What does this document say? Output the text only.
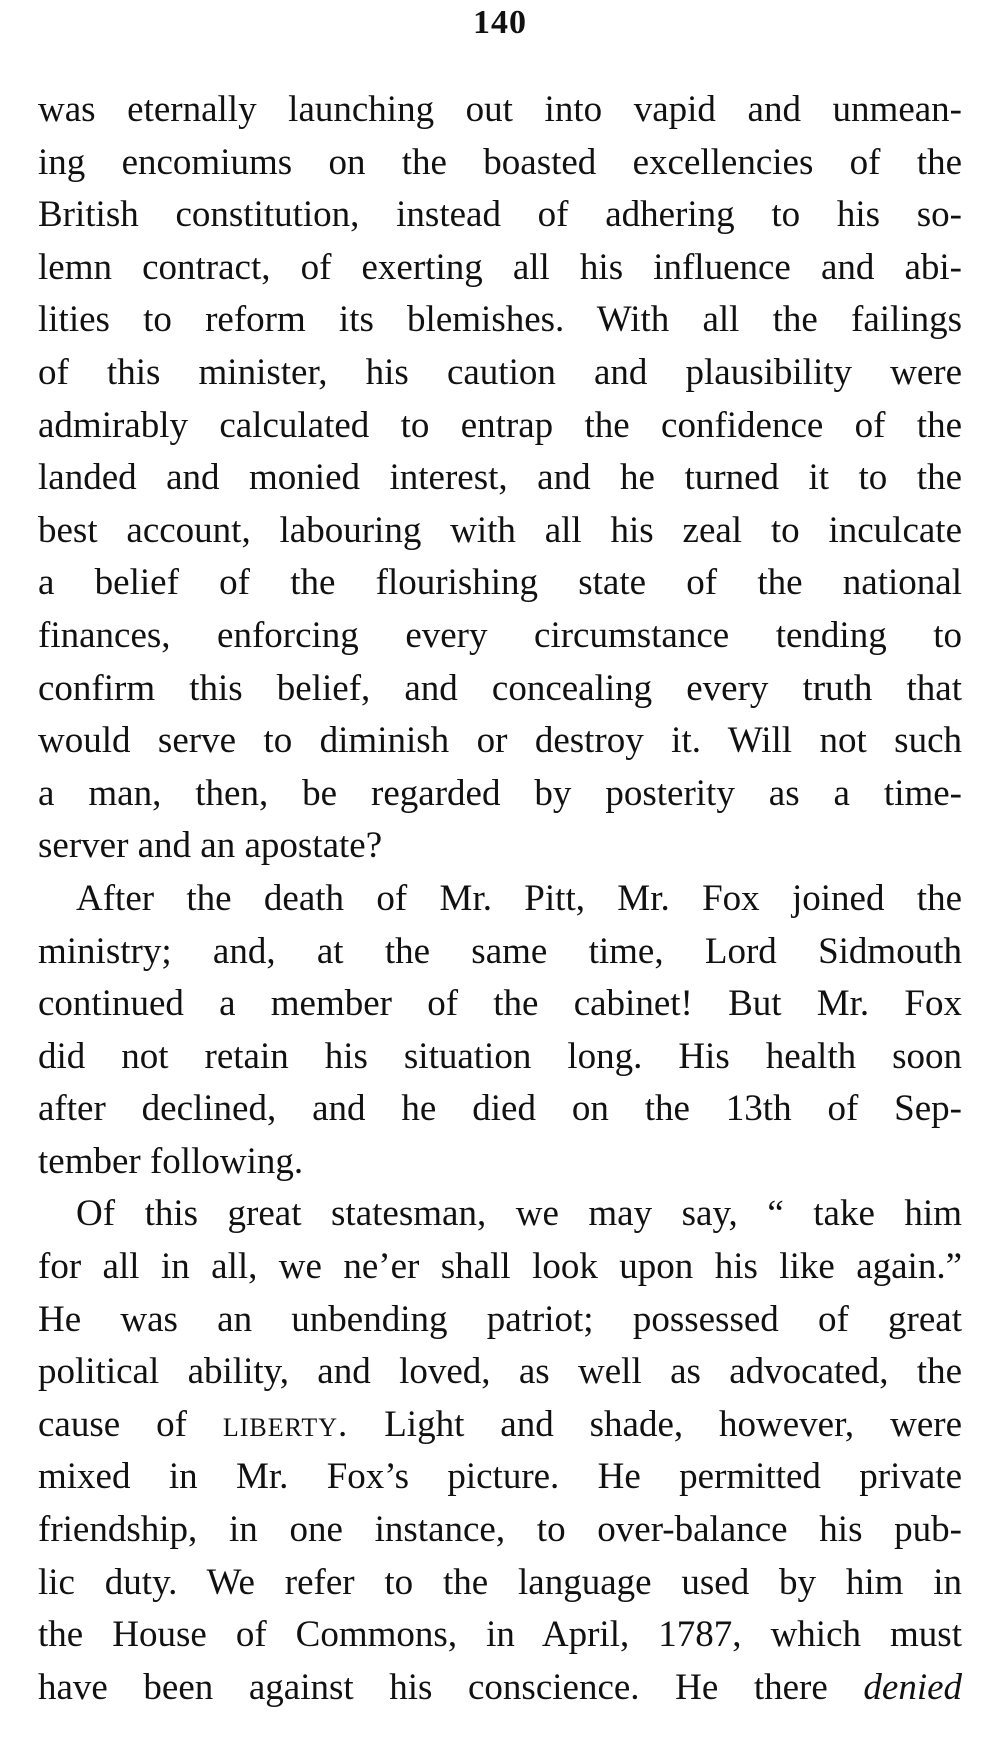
140
was eternally launching out into vapid and unmean-
ing encomiums on the boasted excellencies of the
British constitution, instead of adhering to his so-
lemn contract, of exerting all his influence and abi-
lities to reform its blemishes. With all the failings
of this minister, his caution and plausibility were
admirably calculated to entrap the confidence of the
landed and monied interest, and he turned it to the
best account, labouring with all his zeal to inculcate
a belief of the flourishing state of the national
finances, enforcing every circumstance tending to
confirm this belief, and concealing every truth that
would serve to diminish or destroy it. Will not such
a man, then, be regarded by posterity as a time-
server and an apostate?
After the death of Mr. Pitt, Mr. Fox joined the
ministry; and, at the same time, Lord Sidmouth
continued a member of the cabinet! But Mr. Fox
did not retain his situation long. His health soon
after declined, and he died on the 13th of Sep-
tember following.
Of this great statesman, we may say, “ take him
for all in all, we ne’er shall look upon his like again.”
He was an unbending patriot; possessed of great
political ability, and loved, as well as advocated, the
cause of liberty. Light and shade, however, were
mixed in Mr. Fox’s picture. He permitted private
friendship, in one instance, to over-balance his pub-
lic duty. We refer to the language used by him in
the House of Commons, in April, 1787, which must
have been against his conscience. He there denied
